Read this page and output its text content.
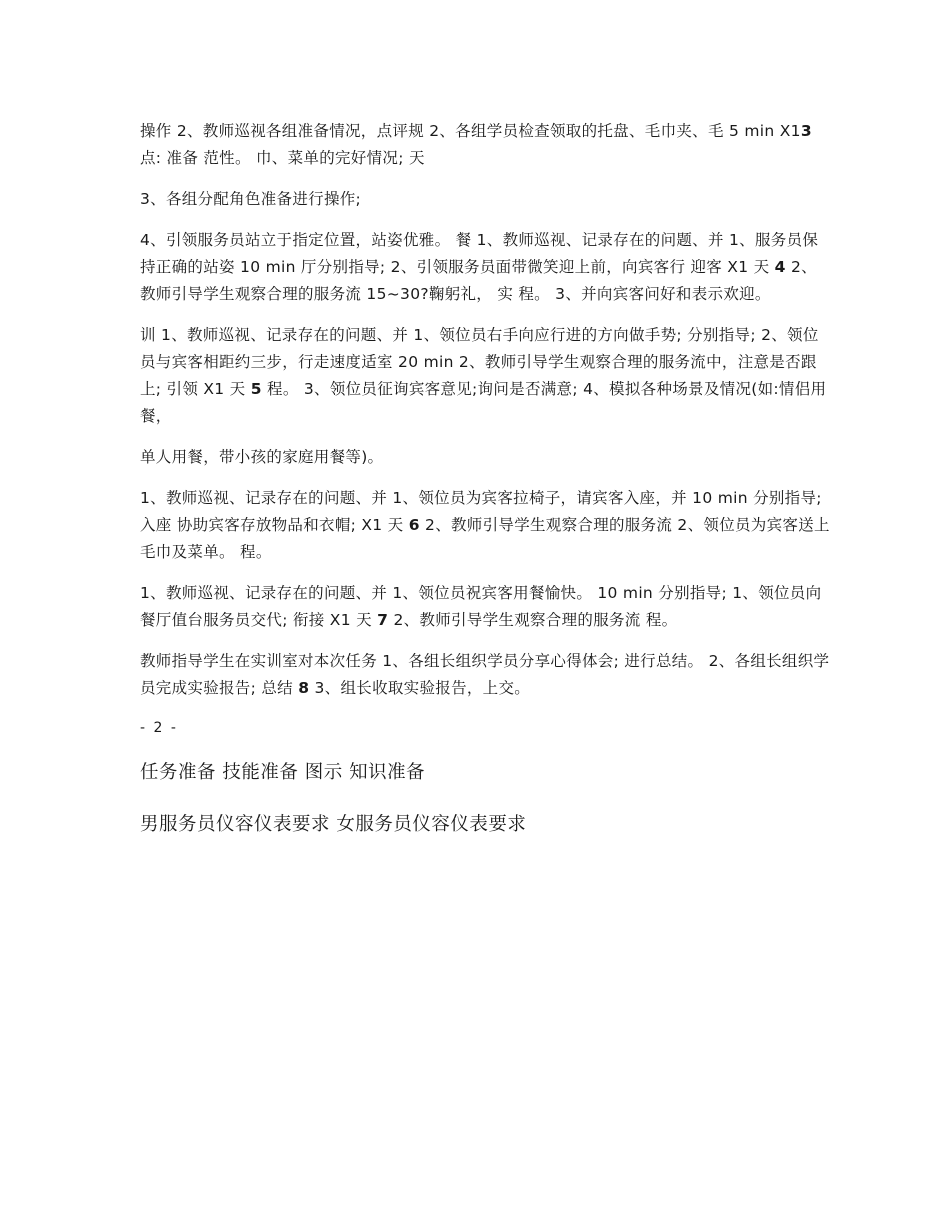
操作 2、教师巡视各组准备情况，点评规 2、各组学员检查领取的托盘、毛巾夹、毛 5 min X13 点: 准备 范性。 巾、菜单的完好情况; 天

3、各组分配角色准备进行操作;

4、引领服务员站立于指定位置，站姿优雅。 餐 1、教师巡视、记录存在的问题、并 1、服务员保持正确的站姿 10 min 厅分别指导; 2、引领服务员面带微笑迎上前，向宾客行 迎客 X1 天 4 2、教师引导学生观察合理的服务流 15~30?鞠躬礼， 实 程。 3、并向宾客问好和表示欢迎。

训 1、教师巡视、记录存在的问题、并 1、领位员右手向应行进的方向做手势; 分别指导; 2、领位员与宾客相距约三步，行走速度适室 20 min 2、教师引导学生观察合理的服务流中，注意是否跟上; 引领 X1 天 5 程。 3、领位员征询宾客意见;询问是否满意; 4、模拟各种场景及情况(如:情侣用餐，

单人用餐，带小孩的家庭用餐等)。

1、教师巡视、记录存在的问题、并 1、领位员为宾客拉椅子，请宾客入座，并 10 min 分别指导; 入座 协助宾客存放物品和衣帽; X1 天 6 2、教师引导学生观察合理的服务流 2、领位员为宾客送上毛巾及菜单。 程。

1、教师巡视、记录存在的问题、并 1、领位员祝宾客用餐愉快。 10 min 分别指导; 1、领位员向餐厅值台服务员交代; 衔接 X1 天 7 2、教师引导学生观察合理的服务流 程。

教师指导学生在实训室对本次任务 1、各组长组织学员分享心得体会; 进行总结。 2、各组长组织学员完成实验报告; 总结 8 3、组长收取实验报告，上交。

- 2 -
任务准备 技能准备 图示 知识准备
男服务员仪容仪表要求 女服务员仪容仪表要求
